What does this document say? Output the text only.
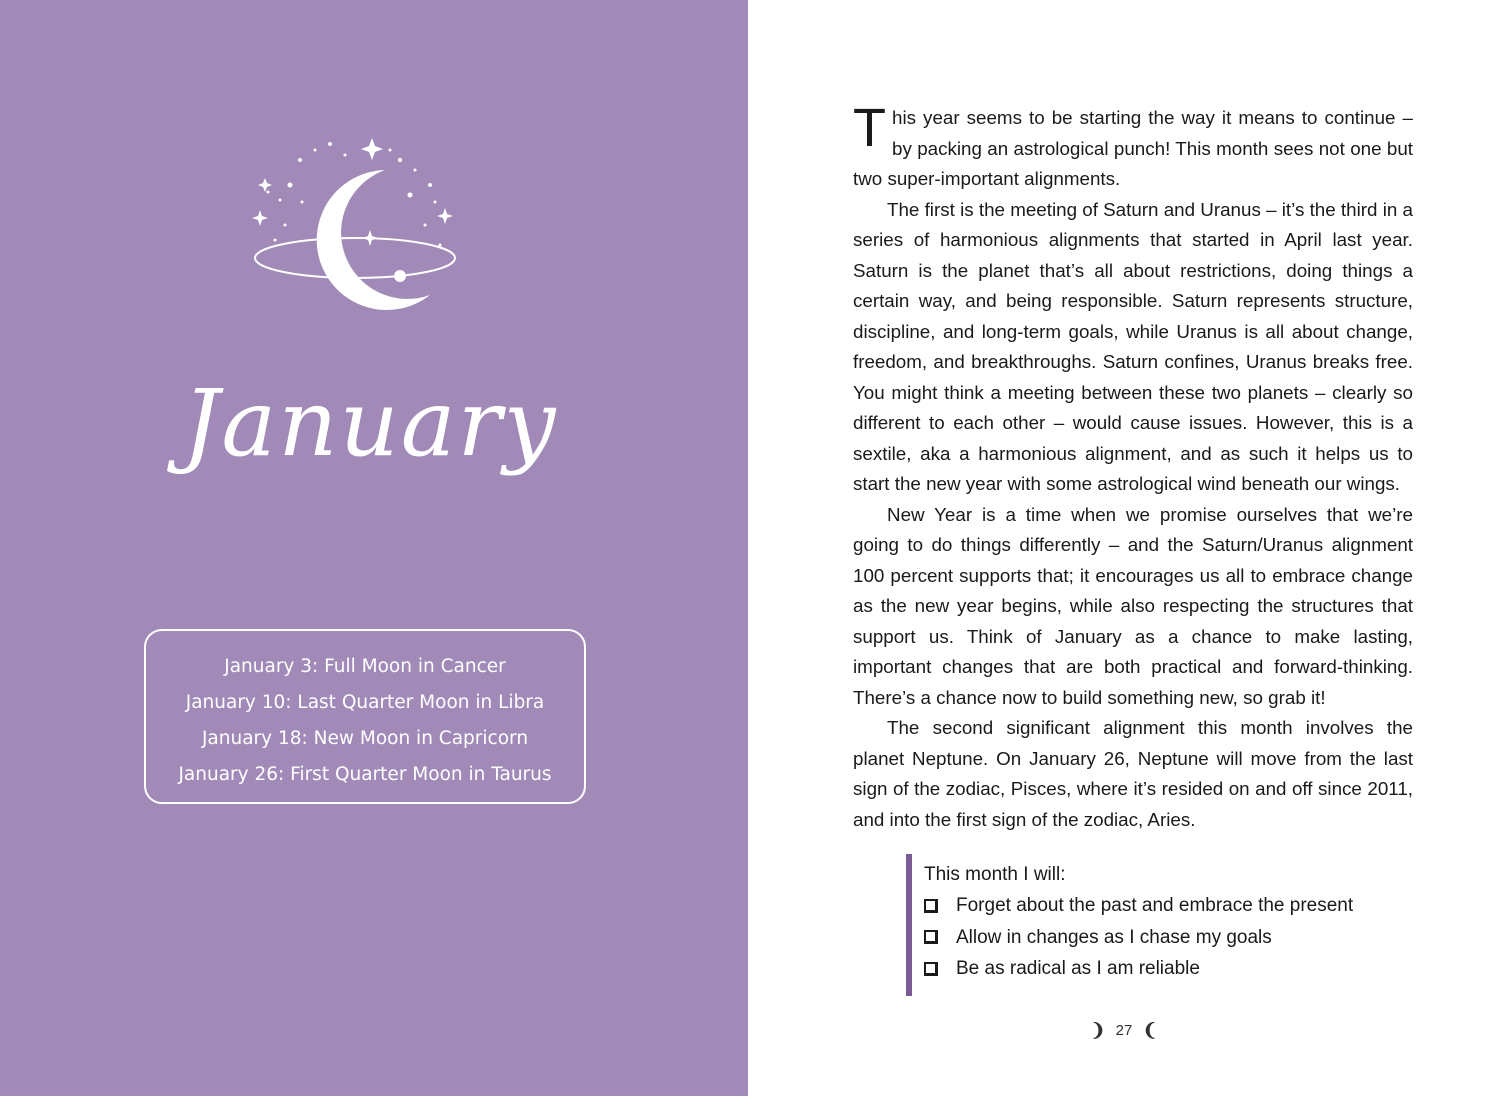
January
January 3: Full Moon in Cancer
January 10: Last Quarter Moon in Libra
January 18: New Moon in Capricorn
January 26: First Quarter Moon in Taurus

This year seems to be starting the way it means to continue – by packing an astrological punch! This month sees not one but two super-important alignments.

The first is the meeting of Saturn and Uranus – it’s the third in a series of harmonious alignments that started in April last year. Saturn is the planet that’s all about restrictions, doing things a certain way, and being responsible. Saturn represents structure, discipline, and long-term goals, while Uranus is all about change, freedom, and breakthroughs. Saturn confines, Uranus breaks free. You might think a meeting between these two planets – clearly so different to each other – would cause issues. However, this is a sextile, aka a harmonious alignment, and as such it helps us to start the new year with some astrological wind beneath our wings.

New Year is a time when we promise ourselves that we’re going to do things differently – and the Saturn/Uranus alignment 100 percent supports that; it encourages us all to embrace change as the new year begins, while also respecting the structures that support us. Think of January as a chance to make lasting, important changes that are both practical and forward-thinking. There’s a chance now to build something new, so grab it!

The second significant alignment this month involves the planet Neptune. On January 26, Neptune will move from the last sign of the zodiac, Pisces, where it’s resided on and off since 2011, and into the first sign of the zodiac, Aries.

This month I will:
Forget about the past and embrace the present
Allow in changes as I chase my goals
Be as radical as I am reliable
❩ 27 ❨
